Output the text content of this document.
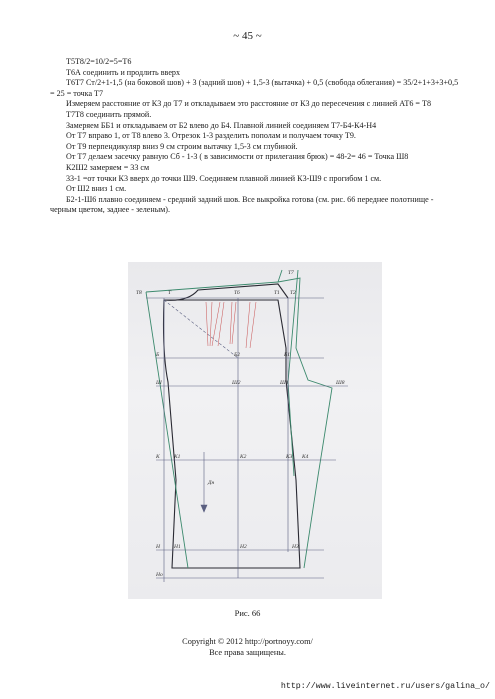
~ 45 ~

Т5Т8/2=10/2=5=Т6

Т6А соединить и продлить вверх

Т6Т7 Ст/2+1-1,5 (на боковой шов) + 3 (задний шов) + 1,5-3 (вытачка) + 0,5 (свобода облегания) = 35/2+1+3+3+0,5 = 25 = точка Т7

Измеряем расстояние от К3 до Т7 и откладываем это расстояние от К3 до пересечения с линией АТ6 = Т8

Т7Т8 соединить прямой.

Замеряем ББ1 и откладываем от Б2 влево до Б4. Плавной линией соединяем Т7-Б4-К4-Н4

От Т7 вправо 1, от Т8 влево 3. Отрезок 1-3 разделить пополам и получаем точку Т9.

От Т9 перпендикуляр вниз 9 см строим вытачку 1,5-3 см глубиной.

От Т7 делаем засечку равную Сб - 1-3 ( в зависимости от прилегания брюк) = 48-2= 46 = Точка Ш8

К2Ш2 замеряем = 33 см

33-1 =от точки К3 вверх до точки Ш9. Соединяем плавной линией К3-Ш9 с прогибом 1 см.

От Ш2 вниз 1 см.

Б2-1-Ш6 плавно соединяем - средний задний шов. Все выкройка готова (см. рис. 66 переднее полотнище - черным цветом, заднее - зеленым).

Т7
Т8	Т6	Т1
Т	Т2
Б	Б2	Б1
Ш	Ш2	Ш1	Ш8
К	К1	К2	К3 К4
Н	Н1	Н2	Н3
Но
Дн
Рис. 66
Copyright © 2012 http://portnoyy.com/
Все права защищены.
http://www.liveinternet.ru/users/galina_o/
